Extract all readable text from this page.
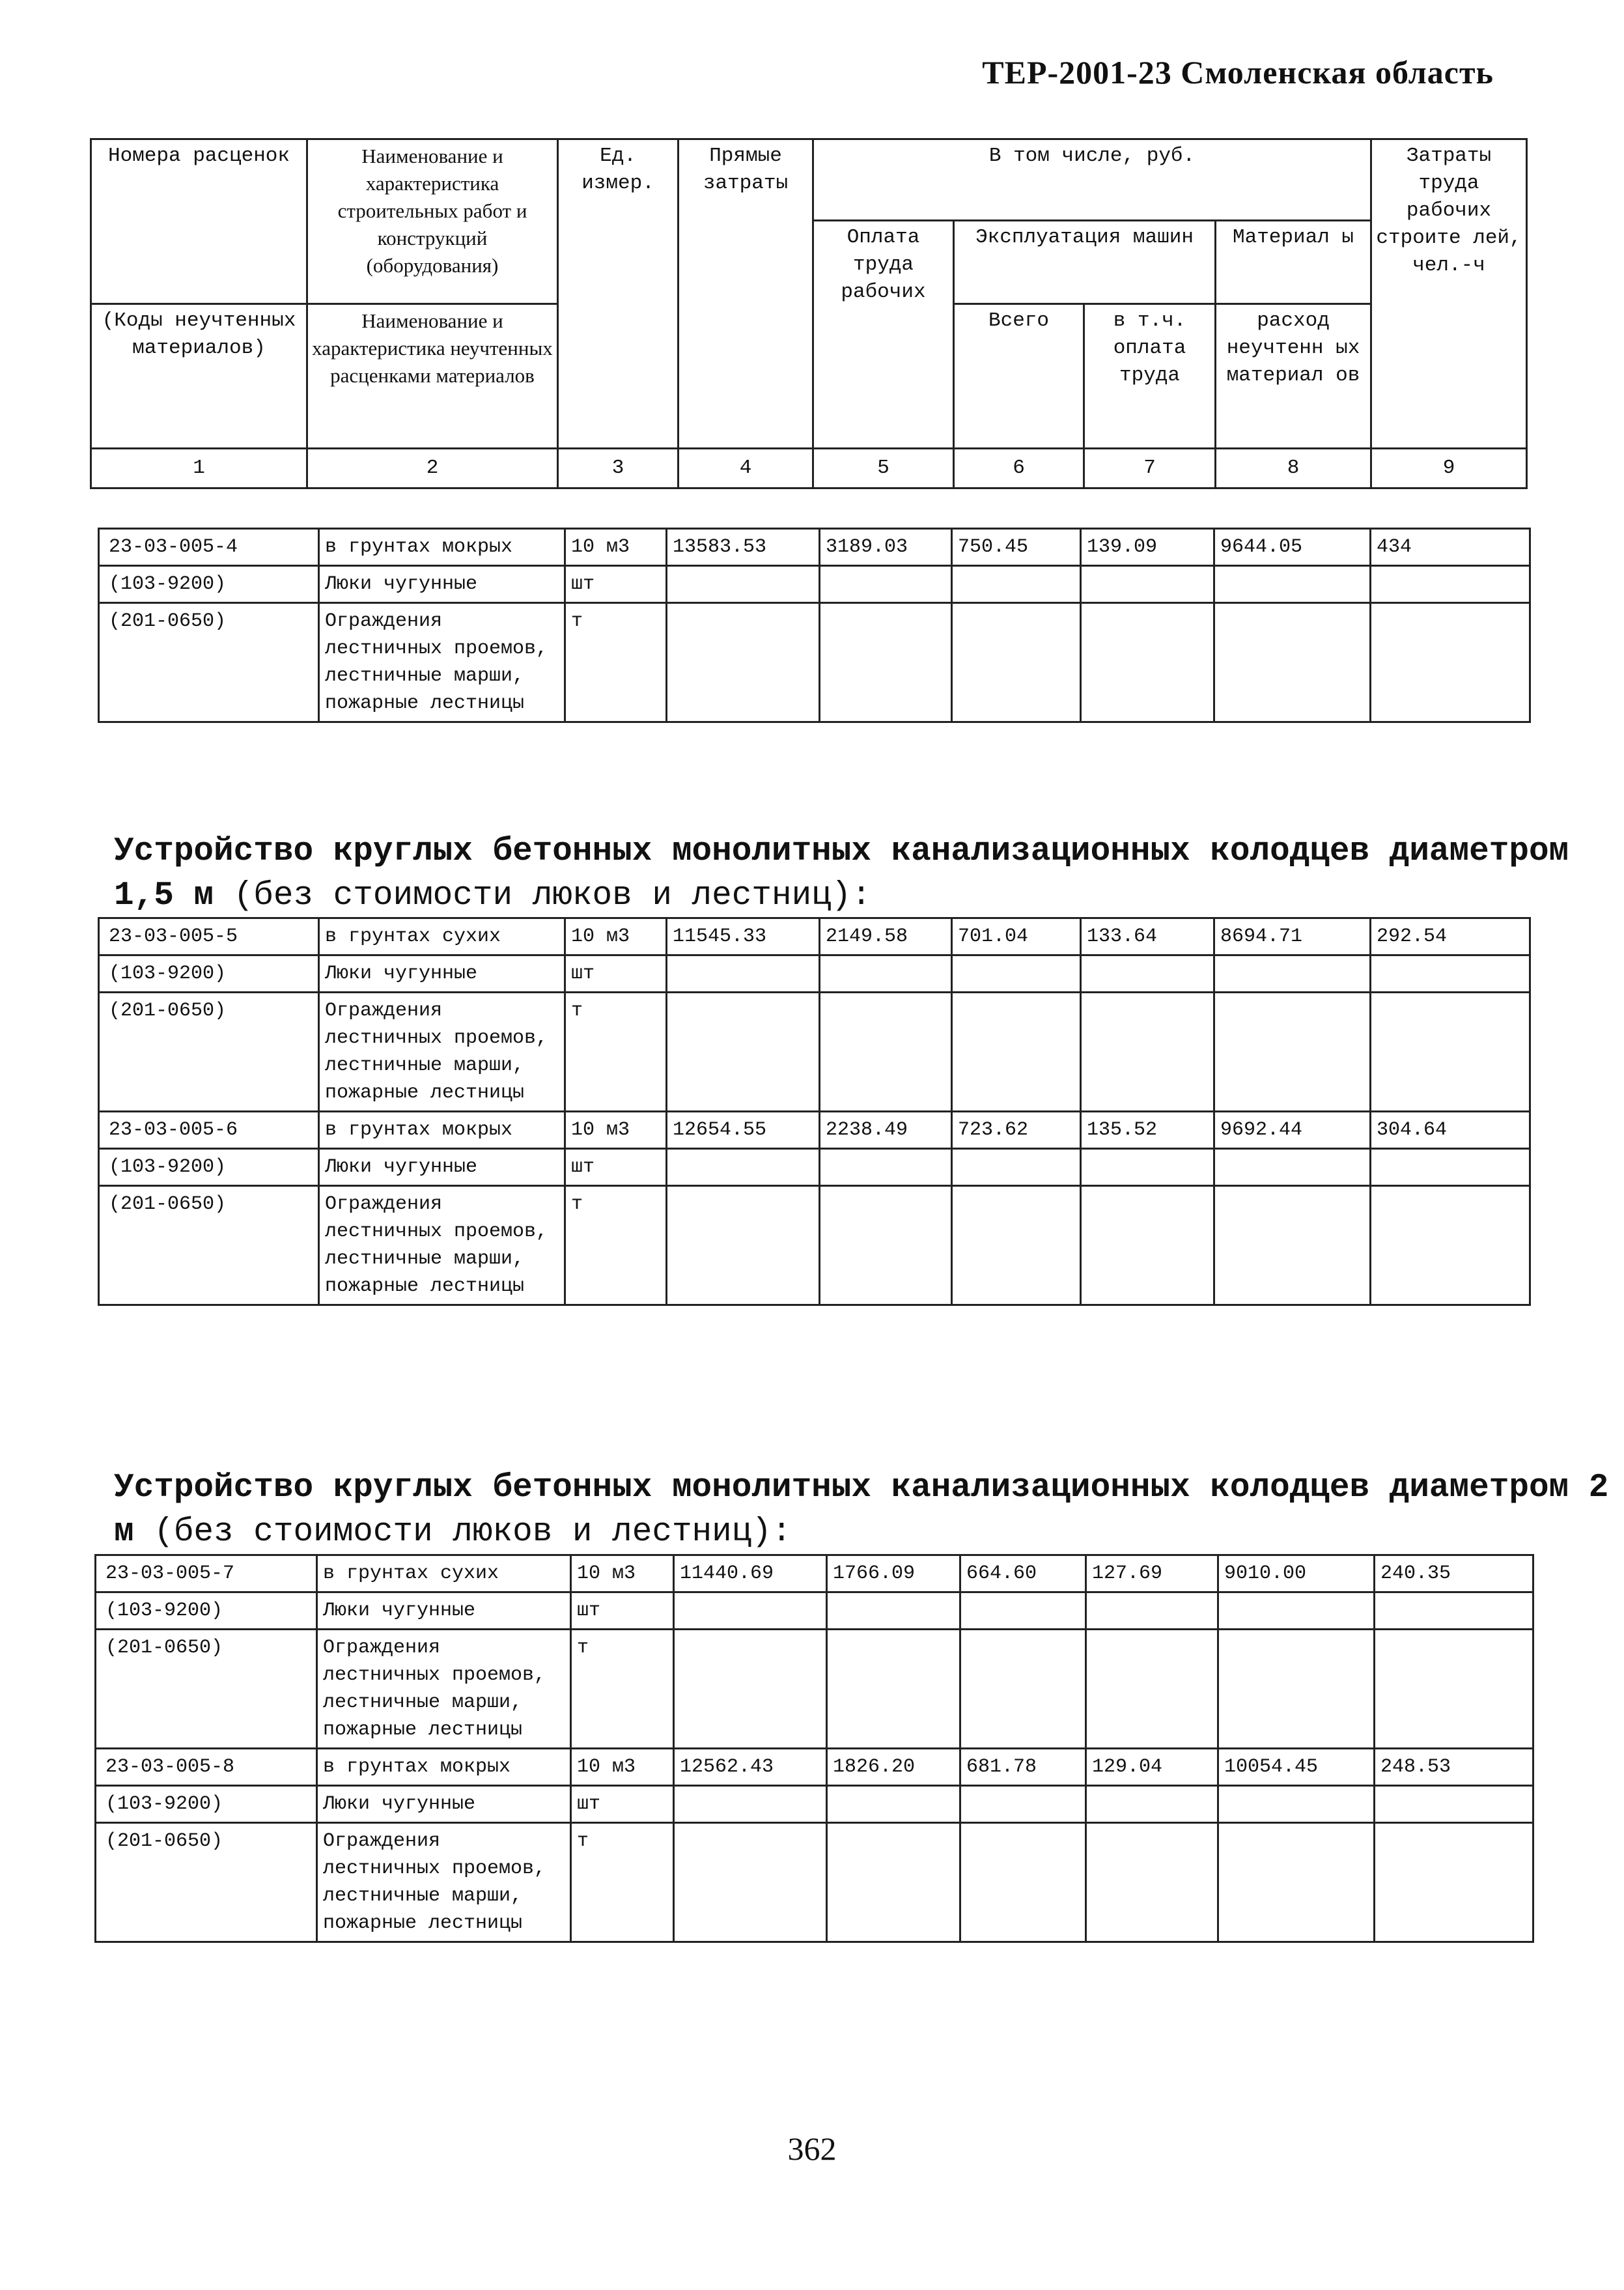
ТЕР-2001-23 Смоленская область
Номера расценок	Наименование и характеристика строительных работ и конструкций (оборудования)	Ед. измер.	Прямые затраты	В том числе, руб.				Затраты труда рабочих строите лей, чел.-ч
				Оплата труда рабочих	Эксплуатация машин		Материал ы	
(Коды неучтенных материалов)	Наименование и характеристика неучтенных расценками материалов				Всего	в т.ч. оплата труда	расход неучтенн ых материал ов	
1	2	3	4	5	6	7	8	9
23-03-005-4	в грунтах мокрых	10 м3	13583.53	3189.03	750.45	139.09	9644.05	434
(103-9200)	Люки чугунные	шт						
(201-0650)	Ограждения лестничных проемов, лестничные марши, пожарные лестницы	т						
Устройство круглых бетонных монолитных канализационных колодцев диаметром 1,5 м (без стоимости люков и лестниц):
23-03-005-5	в грунтах сухих	10 м3	11545.33	2149.58	701.04	133.64	8694.71	292.54
(103-9200)	Люки чугунные	шт						
(201-0650)	Ограждения лестничных проемов, лестничные марши, пожарные лестницы	т						
23-03-005-6	в грунтах мокрых	10 м3	12654.55	2238.49	723.62	135.52	9692.44	304.64
(103-9200)	Люки чугунные	шт						
(201-0650)	Ограждения лестничных проемов, лестничные марши, пожарные лестницы	т						
Устройство круглых бетонных монолитных канализационных колодцев диаметром 2 м (без стоимости люков и лестниц):
23-03-005-7	в грунтах сухих	10 м3	11440.69	1766.09	664.60	127.69	9010.00	240.35
(103-9200)	Люки чугунные	шт						
(201-0650)	Ограждения лестничных проемов, лестничные марши, пожарные лестницы	т						
23-03-005-8	в грунтах мокрых	10 м3	12562.43	1826.20	681.78	129.04	10054.45	248.53
(103-9200)	Люки чугунные	шт						
(201-0650)	Ограждения лестничных проемов, лестничные марши, пожарные лестницы	т						
362
